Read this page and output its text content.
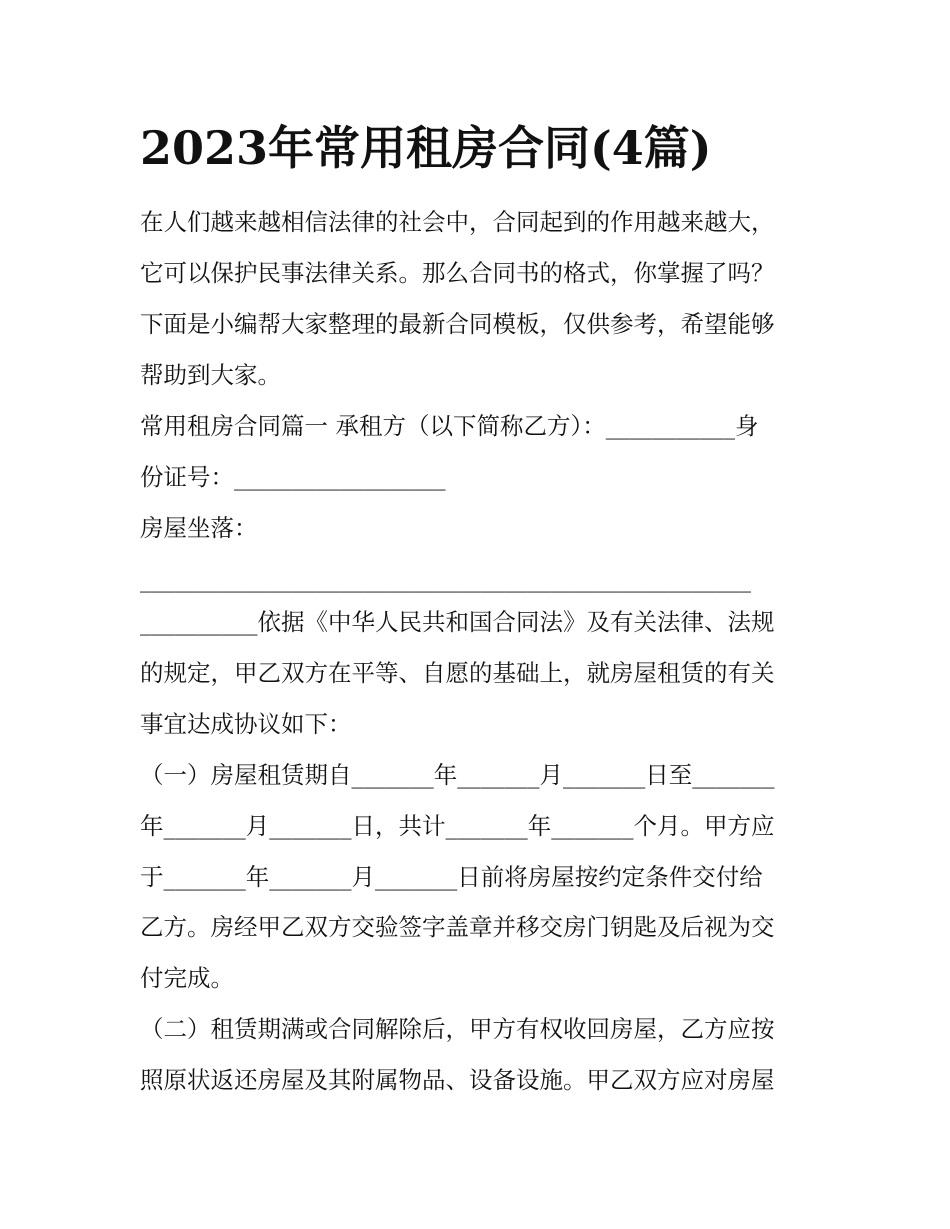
2023年常用租房合同(4篇)

在人们越来越相信法律的社会中，合同起到的作用越来越大，

它可以保护民事法律关系。那么合同书的格式，你掌握了吗？

下面是小编帮大家整理的最新合同模板，仅供参考，希望能够

帮助到大家。

常用租房合同篇一 承租方（以下简称乙方）：___________身

份证号：__________________

房屋坐落：

____________________________________________________

__________依据《中华人民共和国合同法》及有关法律、法规

的规定，甲乙双方在平等、自愿的基础上，就房屋租赁的有关

事宜达成协议如下：

（一）房屋租赁期自_______年_______月_______日至_______

年_______月_______日，共计_______年_______个月。甲方应

于_______年_______月_______日前将房屋按约定条件交付给

乙方。房经甲乙双方交验签字盖章并移交房门钥匙及后视为交

付完成。

（二）租赁期满或合同解除后，甲方有权收回房屋，乙方应按

照原状返还房屋及其附属物品、设备设施。甲乙双方应对房屋
